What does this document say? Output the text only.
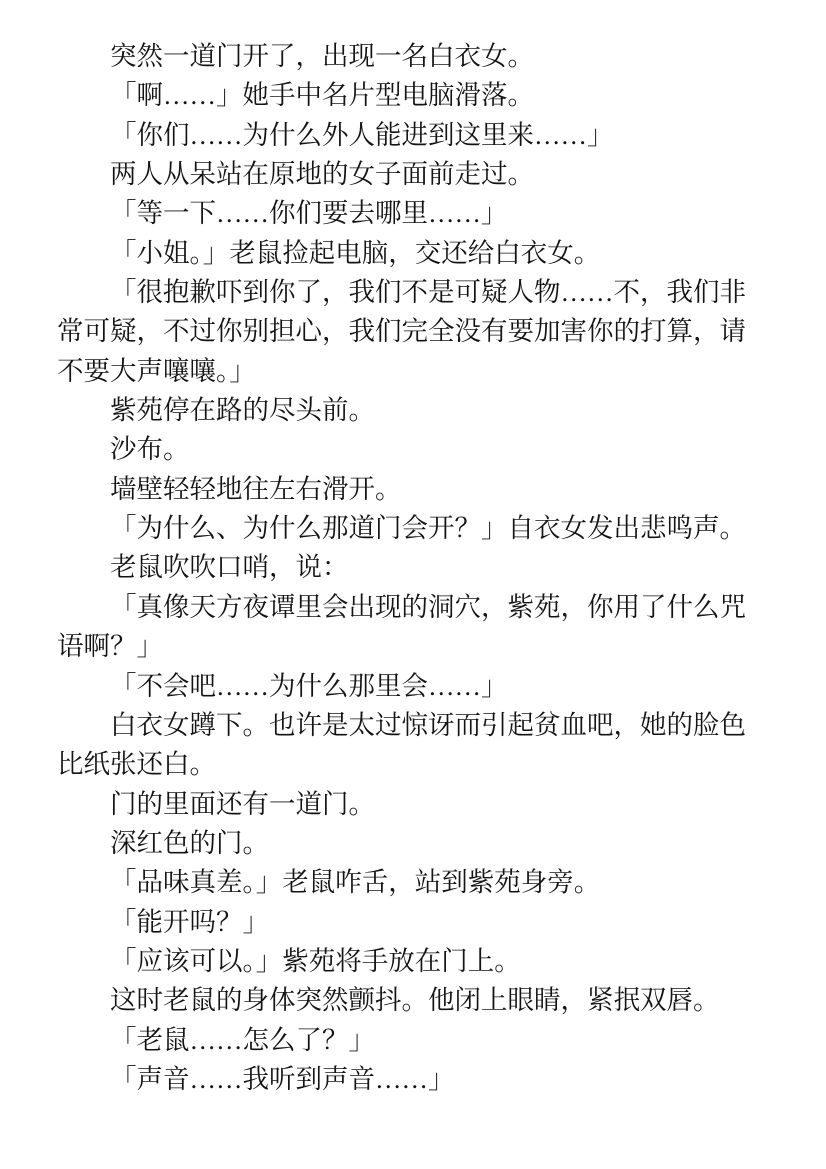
突然一道门开了，出现一名白衣女。
「啊……」她手中名片型电脑滑落。
「你们……为什么外人能进到这里来……」
两人从呆站在原地的女子面前走过。
「等一下……你们要去哪里……」
「小姐。」老鼠捡起电脑，交还给白衣女。
「很抱歉吓到你了，我们不是可疑人物……不，我们非
常可疑，不过你别担心，我们完全没有要加害你的打算，请
不要大声嚷嚷。」
紫苑停在路的尽头前。
沙布。
墙壁轻轻地往左右滑开。
「为什么、为什么那道门会开？」自衣女发出悲鸣声。
老鼠吹吹口哨，说：
「真像天方夜谭里会出现的洞穴，紫苑，你用了什么咒
语啊？」
「不会吧……为什么那里会……」
白衣女蹲下。也许是太过惊讶而引起贫血吧，她的脸色
比纸张还白。
门的里面还有一道门。
深红色的门。
「品味真差。」老鼠咋舌，站到紫苑身旁。
「能开吗？」
「应该可以。」紫苑将手放在门上。
这时老鼠的身体突然颤抖。他闭上眼睛，紧抿双唇。
「老鼠……怎么了？」
「声音……我听到声音……」
